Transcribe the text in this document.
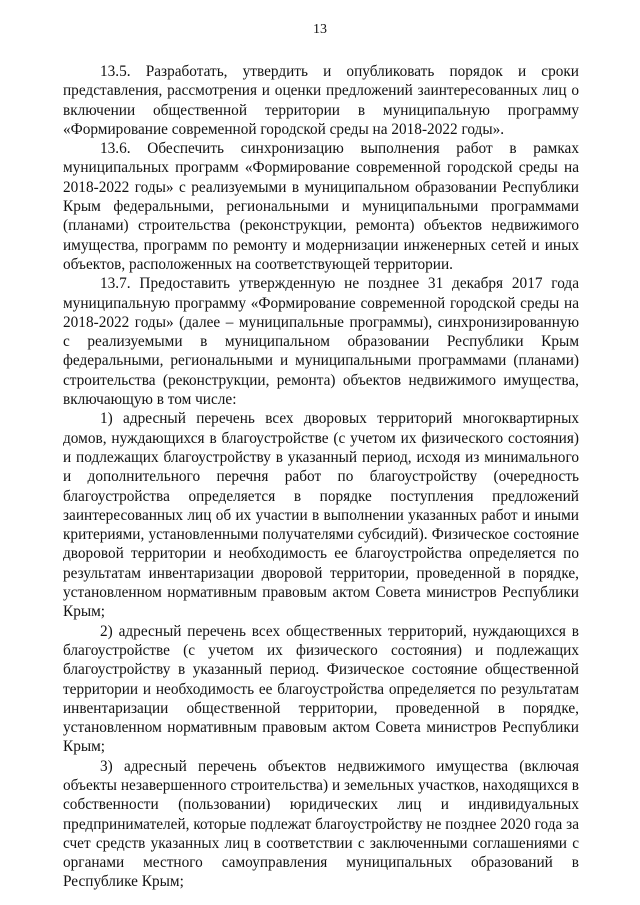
13

13.5. Разработать, утвердить и опубликовать порядок и сроки представления, рассмотрения и оценки предложений заинтересованных лиц о включении общественной территории в муниципальную программу «Формирование современной городской среды на 2018-2022 годы».

13.6. Обеспечить синхронизацию выполнения работ в рамках муниципальных программ «Формирование современной городской среды на 2018-2022 годы» с реализуемыми в муниципальном образовании Республики Крым федеральными, региональными и муниципальными программами (планами) строительства (реконструкции, ремонта) объектов недвижимого имущества, программ по ремонту и модернизации инженерных сетей и иных объектов, расположенных на соответствующей территории.

13.7. Предоставить утвержденную не позднее 31 декабря 2017 года муниципальную программу «Формирование современной городской среды на 2018-2022 годы» (далее – муниципальные программы), синхронизированную с реализуемыми в муниципальном образовании Республики Крым федеральными, региональными и муниципальными программами (планами) строительства (реконструкции, ремонта) объектов недвижимого имущества, включающую в том числе:

1) адресный перечень всех дворовых территорий многоквартирных домов, нуждающихся в благоустройстве (с учетом их физического состояния) и подлежащих благоустройству в указанный период, исходя из минимального и дополнительного перечня работ по благоустройству (очередность благоустройства определяется в порядке поступления предложений заинтересованных лиц об их участии в выполнении указанных работ и иными критериями, установленными получателями субсидий). Физическое состояние дворовой территории и необходимость ее благоустройства определяется по результатам инвентаризации дворовой территории, проведенной в порядке, установленном нормативным правовым актом Совета министров Республики Крым;

2) адресный перечень всех общественных территорий, нуждающихся в благоустройстве (с учетом их физического состояния) и подлежащих благоустройству в указанный период. Физическое состояние общественной территории и необходимость ее благоустройства определяется по результатам инвентаризации общественной территории, проведенной в порядке, установленном нормативным правовым актом Совета министров Республики Крым;

3) адресный перечень объектов недвижимого имущества (включая объекты незавершенного строительства) и земельных участков, находящихся в собственности (пользовании) юридических лиц и индивидуальных предпринимателей, которые подлежат благоустройству не позднее 2020 года за счет средств указанных лиц в соответствии с заключенными соглашениями с органами местного самоуправления муниципальных образований в Республике Крым;
